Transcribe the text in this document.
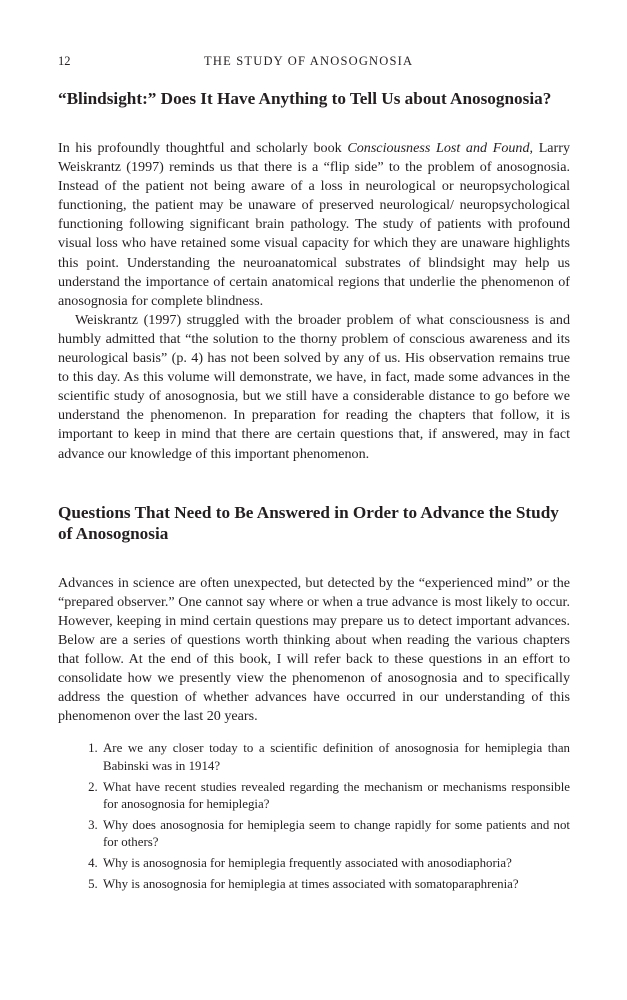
12	THE STUDY OF ANOSOGNOSIA
“Blindsight:” Does It Have Anything to Tell Us about Anosognosia?

In his profoundly thoughtful and scholarly book Consciousness Lost and Found, Larry Weiskrantz (1997) reminds us that there is a “flip side” to the problem of anosognosia. Instead of the patient not being aware of a loss in neurological or neuropsychological functioning, the patient may be unaware of preserved neurological/ neuropsychological functioning following significant brain pathology. The study of patients with profound visual loss who have retained some visual capacity for which they are unaware highlights this point. Understanding the neuroanatomical substrates of blindsight may help us understand the importance of certain anatomical regions that underlie the phenomenon of anosognosia for complete blindness.

Weiskrantz (1997) struggled with the broader problem of what consciousness is and humbly admitted that “the solution to the thorny problem of conscious awareness and its neurological basis” (p. 4) has not been solved by any of us. His observation remains true to this day. As this volume will demonstrate, we have, in fact, made some advances in the scientific study of anosognosia, but we still have a considerable distance to go before we understand the phenomenon. In preparation for reading the chapters that follow, it is important to keep in mind that there are certain questions that, if answered, may in fact advance our knowledge of this important phenomenon.

Questions That Need to Be Answered in Order to Advance the Study of Anosognosia

Advances in science are often unexpected, but detected by the “experienced mind” or the “prepared observer.” One cannot say where or when a true advance is most likely to occur. However, keeping in mind certain questions may prepare us to detect important advances. Below are a series of questions worth thinking about when reading the various chapters that follow. At the end of this book, I will refer back to these questions in an effort to consolidate how we presently view the phenomenon of anosognosia and to specifically address the question of whether advances have occurred in our understanding of this phenomenon over the last 20 years.

1. Are we any closer today to a scientific definition of anosognosia for hemiplegia than Babinski was in 1914?
2. What have recent studies revealed regarding the mechanism or mechanisms responsible for anosognosia for hemiplegia?
3. Why does anosognosia for hemiplegia seem to change rapidly for some patients and not for others?
4. Why is anosognosia for hemiplegia frequently associated with anosodiaphoria?
5. Why is anosognosia for hemiplegia at times associated with somatoparaphrenia?
